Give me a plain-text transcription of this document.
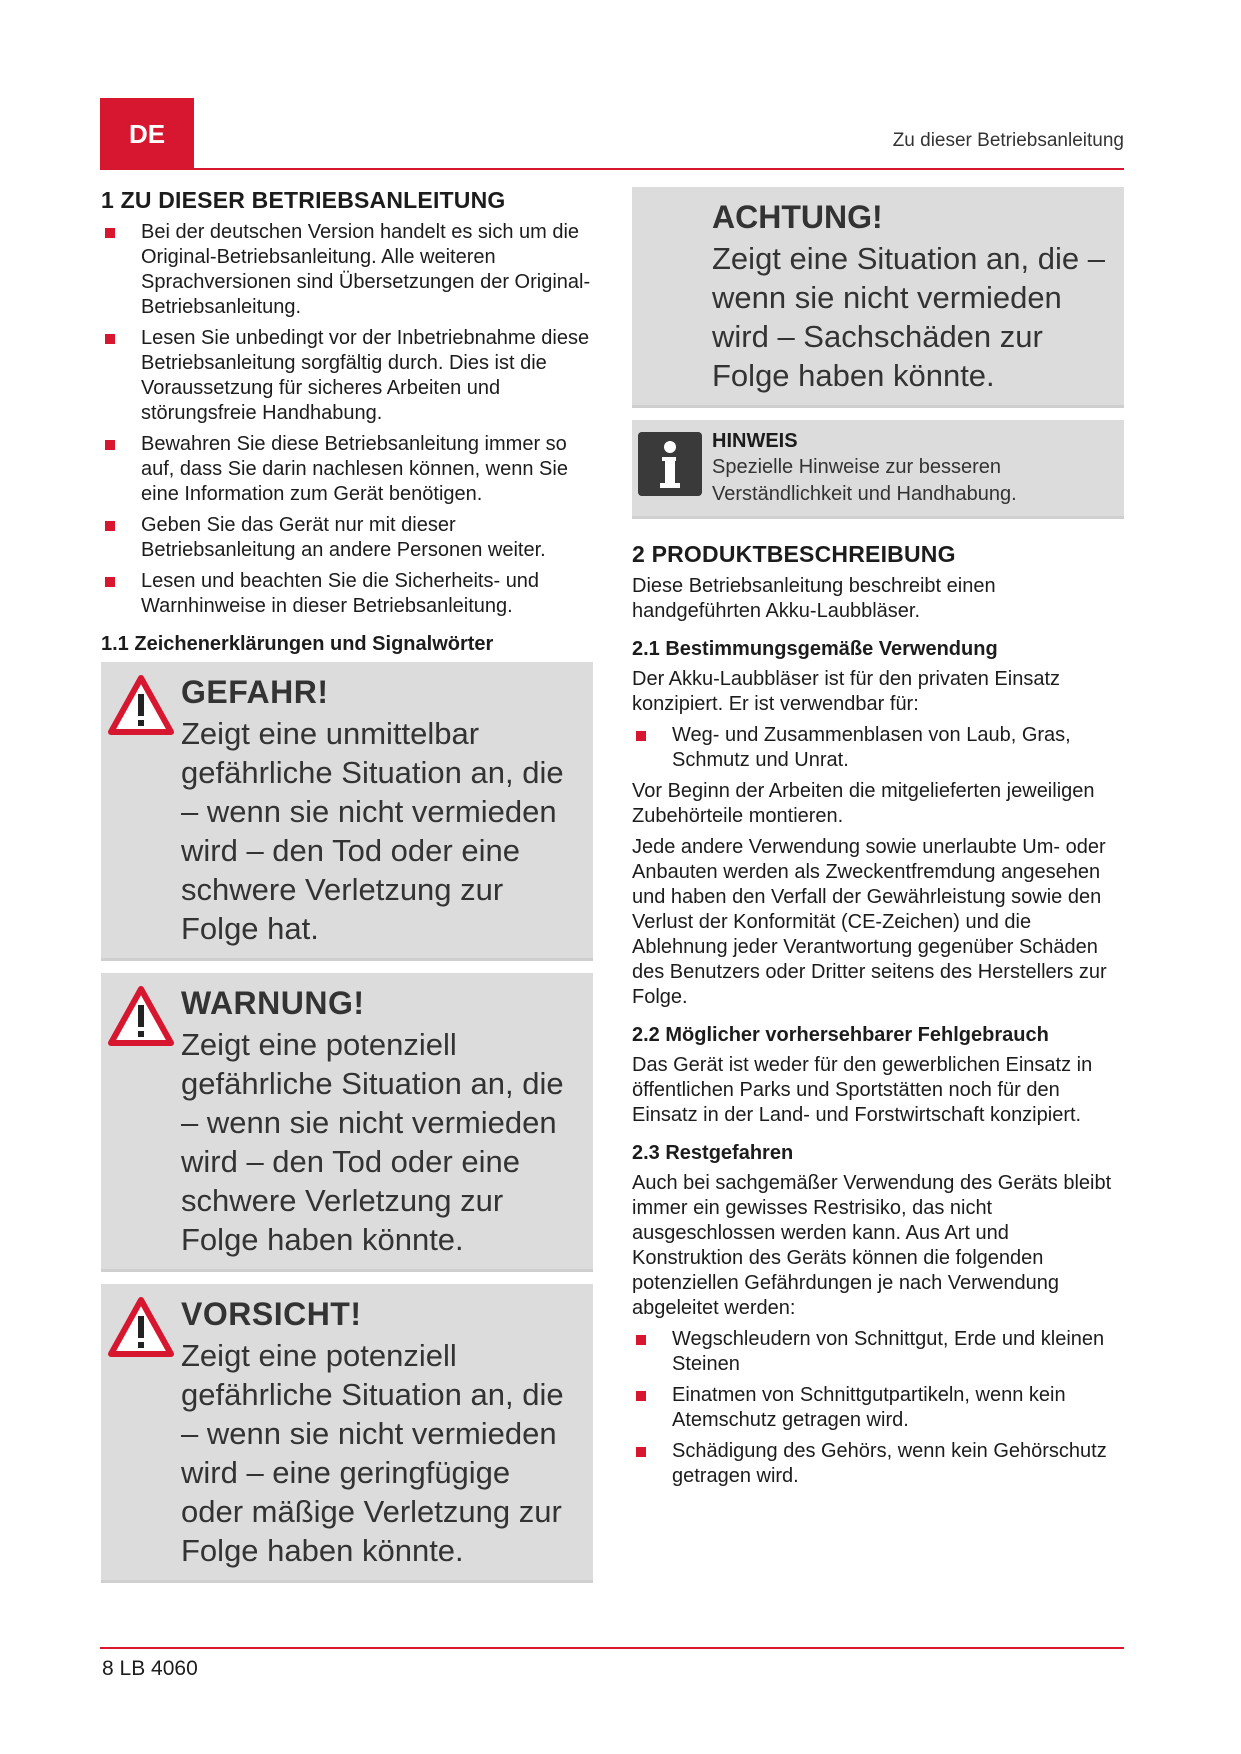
DE	Zu dieser Betriebsanleitung
1 ZU DIESER BETRIEBSANLEITUNG
Bei der deutschen Version handelt es sich um die Original-Betriebsanleitung. Alle weiteren Sprachversionen sind Übersetzungen der Original-Betriebsanleitung.
Lesen Sie unbedingt vor der Inbetriebnahme diese Betriebsanleitung sorgfältig durch. Dies ist die Voraussetzung für sicheres Arbeiten und störungsfreie Handhabung.
Bewahren Sie diese Betriebsanleitung immer so auf, dass Sie darin nachlesen können, wenn Sie eine Information zum Gerät benötigen.
Geben Sie das Gerät nur mit dieser Betriebsanleitung an andere Personen weiter.
Lesen und beachten Sie die Sicherheits- und Warnhinweise in dieser Betriebsanleitung.
1.1 Zeichenerklärungen und Signalwörter
GEFAHR!
Zeigt eine unmittelbar gefährliche Situation an, die – wenn sie nicht vermieden wird – den Tod oder eine schwere Verletzung zur Folge hat.
WARNUNG!
Zeigt eine potenziell gefährliche Situation an, die – wenn sie nicht vermieden wird – den Tod oder eine schwere Verletzung zur Folge haben könnte.
VORSICHT!
Zeigt eine potenziell gefährliche Situation an, die – wenn sie nicht vermieden wird – eine geringfügige oder mäßige Verletzung zur Folge haben könnte.
ACHTUNG!
Zeigt eine Situation an, die – wenn sie nicht vermieden wird – Sachschäden zur Folge haben könnte.
HINWEIS
Spezielle Hinweise zur besseren Verständlichkeit und Handhabung.
2 PRODUKTBESCHREIBUNG

Diese Betriebsanleitung beschreibt einen handgeführten Akku-Laubbläser.

2.1 Bestimmungsgemäße Verwendung

Der Akku-Laubbläser ist für den privaten Einsatz konzipiert. Er ist verwendbar für:

Weg- und Zusammenblasen von Laub, Gras, Schmutz und Unrat.

Vor Beginn der Arbeiten die mitgelieferten jeweiligen Zubehörteile montieren.

Jede andere Verwendung sowie unerlaubte Um- oder Anbauten werden als Zweckentfremdung angesehen und haben den Verfall der Gewährleistung sowie den Verlust der Konformität (CE-Zeichen) und die Ablehnung jeder Verantwortung gegenüber Schäden des Benutzers oder Dritter seitens des Herstellers zur Folge.

2.2 Möglicher vorhersehbarer Fehlgebrauch

Das Gerät ist weder für den gewerblichen Einsatz in öffentlichen Parks und Sportstätten noch für den Einsatz in der Land- und Forstwirtschaft konzipiert.

2.3 Restgefahren

Auch bei sachgemäßer Verwendung des Geräts bleibt immer ein gewisses Restrisiko, das nicht ausgeschlossen werden kann. Aus Art und Konstruktion des Geräts können die folgenden potenziellen Gefährdungen je nach Verwendung abgeleitet werden:

Wegschleudern von Schnittgut, Erde und kleinen Steinen
Einatmen von Schnittgutpartikeln, wenn kein Atemschutz getragen wird.
Schädigung des Gehörs, wenn kein Gehörschutz getragen wird.
8 LB 4060
